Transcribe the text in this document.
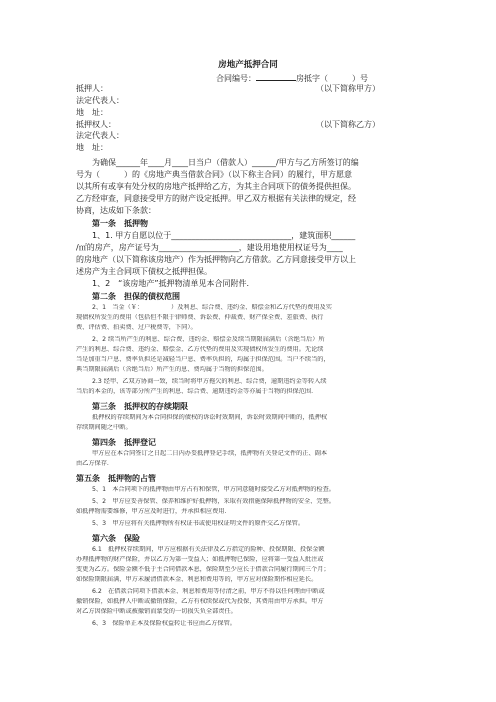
房地产抵押合同
合同编号：	房抵字（　　　	）号
抵押人：	（以下简称甲方）
法定代表人：
地　址：
抵押权人：	（以下简称乙方）
法定代表人：
地　址：
为确保______年____月____日当户（借款人）______/甲方与乙方所签订的编
号为（　　　）的《房地产典当借款合同》（以下称主合同）的履行，甲方愿意
以其所有或享有处分权的房地产抵押给乙方，为其主合同项下的债务提供担保。
乙方经审查，同意接受甲方的财产设定抵押。甲乙双方根据有关法律的规定，经
协商，达成如下条款：
第一条　抵押物
1、1. 甲方自愿以位于______________________________，建筑面积______
/㎡的房产，房产证号为____________________，建设用地使用权证号为____
的房地产（以下简称该房地产）作为抵押物向乙方借款。乙方同意接受甲方以上
述房产为主合同项下债权之抵押担保。
1、2　“该房地产”抵押物清单见本合同附件.
第二条　担保的债权范围
2、1　当金（￥：　　　　　）及利息、综合费、违约金、赔偿金和乙方代垫的费用及实
现债权所发生的费用（包括但不限于律师费、诉讼费、仲裁费、财产保全费、差旅费、执行
费、评估费、拍卖费、过户税费等，下同）。
2、2 续当所产生的利息、综合费、违约金、赔偿金及续当期限届满后（含绝当后）所
产生的利息、综合费、违约金、赔偿金、乙方代垫的费用及实现债权所发生的费用。无论续
当是加重当户息、费率负担还是减轻当户息、费率负担的，均属于担保范围。当户不续当的，
典当期限届满后（含绝当后）所产生的息、费均属于当物的担保范围。
2.3 经甲、乙双方协商一致，续当时将甲方拖欠的利息、综合费，逾期违约金等转入续
当后的本金的，该等部分所产生的利息、综合费、逾期违约金等亦属于当物的担保范围.
第三条　抵押权的存续期限
抵押权的存续期间为本合同担保的债权的诉讼时效期间，诉讼时效期间中断的，抵押权
存续期间随之中断。
第四条　抵押登记
甲方应在本合同签订之日起二日内办妥抵押登记手续，抵押物有关登记文件的正、副本
由乙方保存.
第五条　抵押物的占管
5、1　本合同项下的抵押物由甲方占有和保管，甲方同意随时接受乙方对抵押物的检查。
5、2　甲方应妥善保管、保养和维护好抵押物，采取有效措施保障抵押物的安全、完整。
如抵押物需要维修，甲方应及时进行，并承担相应费用.
5、3　甲方应将有关抵押物所有权证书或使用权证明文件的原件交乙方保管。
第六条　保险
6.1　抵押权存续期间，甲方应根据有关法律及乙方指定的险种、投保期限、投保金额
办理抵押物的财产保险，并以乙方为第一受益人；如抵押物已保险，应将第一受益人批注或
变更为乙方。保险金额不低于主合同借款本息，保险期至少应长于借款合同履行期间三个月；
如保险期限届满，甲方未履清借款本金、利息和费用等的，甲方应对保险期作相应延长。
6.2　在借款合同项下借款本金、利息和费用等付清之前，甲方不得以任何理由中断或
撤销保险，如抵押人中断或撤销保险，乙方有权续保或代为投保，其费用由甲方承担。甲方
对乙方因保险中断或被撤销而蒙受的一切损失负全部责任。
6、3　保险单正本及保险权益转让书应由乙方保管。
